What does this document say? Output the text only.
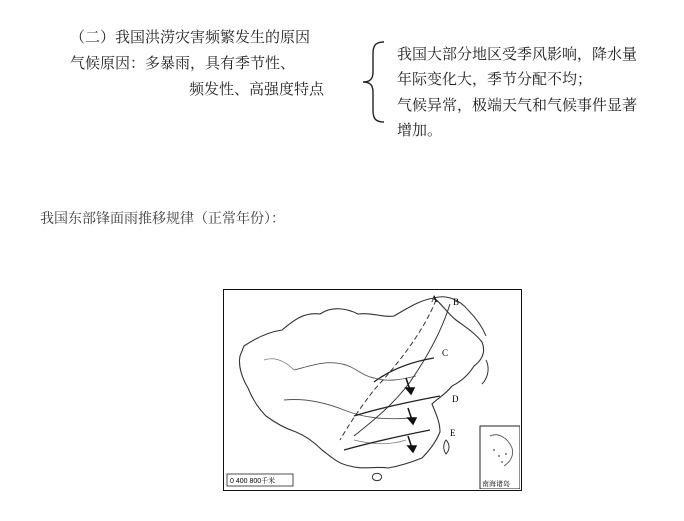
（二）我国洪涝灾害频繁发生的原因
气候原因：多暴雨，具有季节性、
频发性、高强度特点
我国大部分地区受季风影响，降水量
年际变化大，季节分配不均；
气候异常，极端天气和气候事件显著
增加。
我国东部锋面雨推移规律（正常年份）：
A B
C
D
E
0 400 800千米	南海诸岛
